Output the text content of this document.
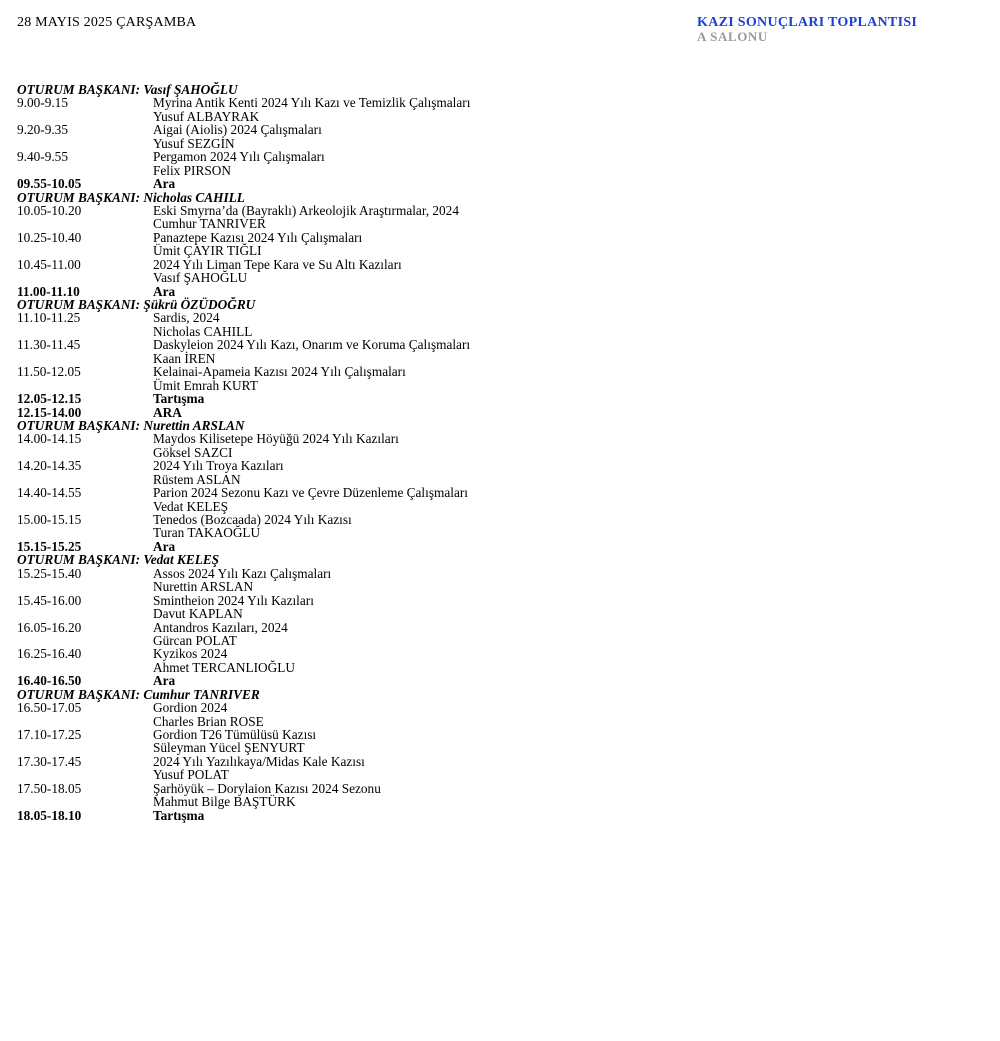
28 MAYIS 2025 ÇARŞAMBA	KAZI SONUÇLARI TOPLANTISI
A SALONU
OTURUM BAŞKANI: Vasıf ŞAHOĞLU
9.00-9.15	Myrina Antik Kenti 2024 Yılı Kazı ve Temizlik Çalışmaları
Yusuf ALBAYRAK
9.20-9.35	Aigai (Aiolis) 2024 Çalışmaları
Yusuf SEZGİN
9.40-9.55	Pergamon 2024 Yılı Çalışmaları
Felix PIRSON
09.55-10.05	Ara
OTURUM BAŞKANI: Nicholas CAHILL
10.05-10.20	Eski Smyrna’da (Bayraklı) Arkeolojik Araştırmalar, 2024
Cumhur TANRIVER
10.25-10.40	Panaztepe Kazısı 2024 Yılı Çalışmaları
Ümit ÇAYIR TIĞLI
10.45-11.00	2024 Yılı Liman Tepe Kara ve Su Altı Kazıları
Vasıf ŞAHOĞLU
11.00-11.10	Ara
OTURUM BAŞKANI: Şükrü ÖZÜDOĞRU
11.10-11.25	Sardis, 2024
Nicholas CAHILL
11.30-11.45	Daskyleion 2024 Yılı Kazı, Onarım ve Koruma Çalışmaları
Kaan İREN
11.50-12.05	Kelainai-Apameia Kazısı 2024 Yılı Çalışmaları
Ümit Emrah KURT
12.05-12.15	Tartışma
12.15-14.00	ARA
OTURUM BAŞKANI: Nurettin ARSLAN
14.00-14.15	Maydos Kilisetepe Höyüğü 2024 Yılı Kazıları
Göksel SAZCI
14.20-14.35	2024 Yılı Troya Kazıları
Rüstem ASLAN
14.40-14.55	Parion 2024 Sezonu Kazı ve Çevre Düzenleme Çalışmaları
Vedat KELEŞ
15.00-15.15	Tenedos (Bozcaada) 2024 Yılı Kazısı
Turan TAKAOĞLU
15.15-15.25	Ara
OTURUM BAŞKANI: Vedat KELEŞ
15.25-15.40	Assos 2024 Yılı Kazı Çalışmaları
Nurettin ARSLAN
15.45-16.00	Smintheion 2024 Yılı Kazıları
Davut KAPLAN
16.05-16.20	Antandros Kazıları, 2024
Gürcan POLAT
16.25-16.40	Kyzikos 2024
Ahmet TERCANLIOĞLU
16.40-16.50	Ara
OTURUM BAŞKANI: Cumhur TANRIVER
16.50-17.05	Gordion 2024
Charles Brian ROSE
17.10-17.25	Gordion T26 Tümülüsü Kazısı
Süleyman Yücel ŞENYURT
17.30-17.45	2024 Yılı Yazılıkaya/Midas Kale Kazısı
Yusuf POLAT
17.50-18.05	Şarhöyük – Dorylaion Kazısı 2024 Sezonu
Mahmut Bilge BAŞTÜRK
18.05-18.10	Tartışma
